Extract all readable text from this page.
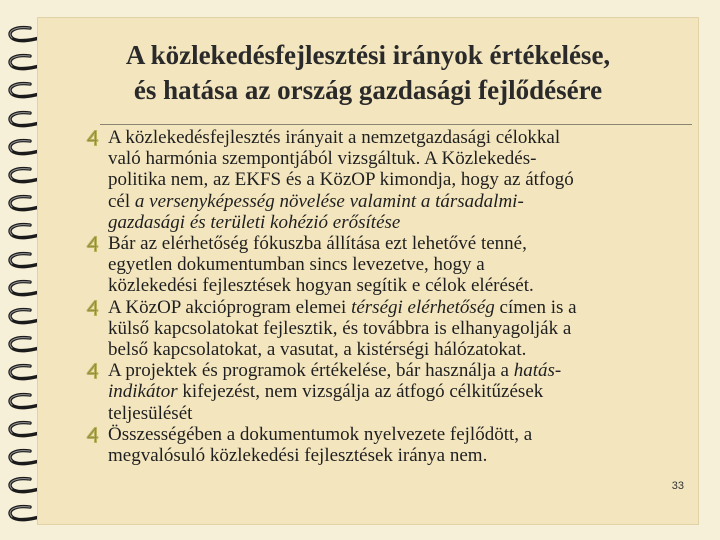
A közlekedésfejlesztési irányok értékelése,
és hatása az ország gazdasági fejlődésére
A közlekedésfejlesztés irányait a nemzetgazdasági célokkal
való harmónia szempontjából vizsgáltuk. A Közlekedés-
politika nem, az EKFS és a KözOP kimondja, hogy az átfogó
cél a versenyképesség növelése valamint a társadalmi-
gazdasági és területi kohézió erősítése
Bár az elérhetőség fókuszba állítása ezt lehetővé tenné,
egyetlen dokumentumban sincs levezetve, hogy a
közlekedési fejlesztések hogyan segítik e célok elérését.
A KözOP akcióprogram elemei térségi elérhetőség címen is a
külső kapcsolatokat fejlesztik, és továbbra is elhanyagolják a
belső kapcsolatokat, a vasutat, a kistérségi hálózatokat.
A projektek és programok értékelése, bár használja a hatás-
indikátor kifejezést, nem vizsgálja az átfogó célkitűzések
teljesülését
Összességében a dokumentumok nyelvezete fejlődött, a
megvalósuló közlekedési fejlesztések iránya nem.
33
